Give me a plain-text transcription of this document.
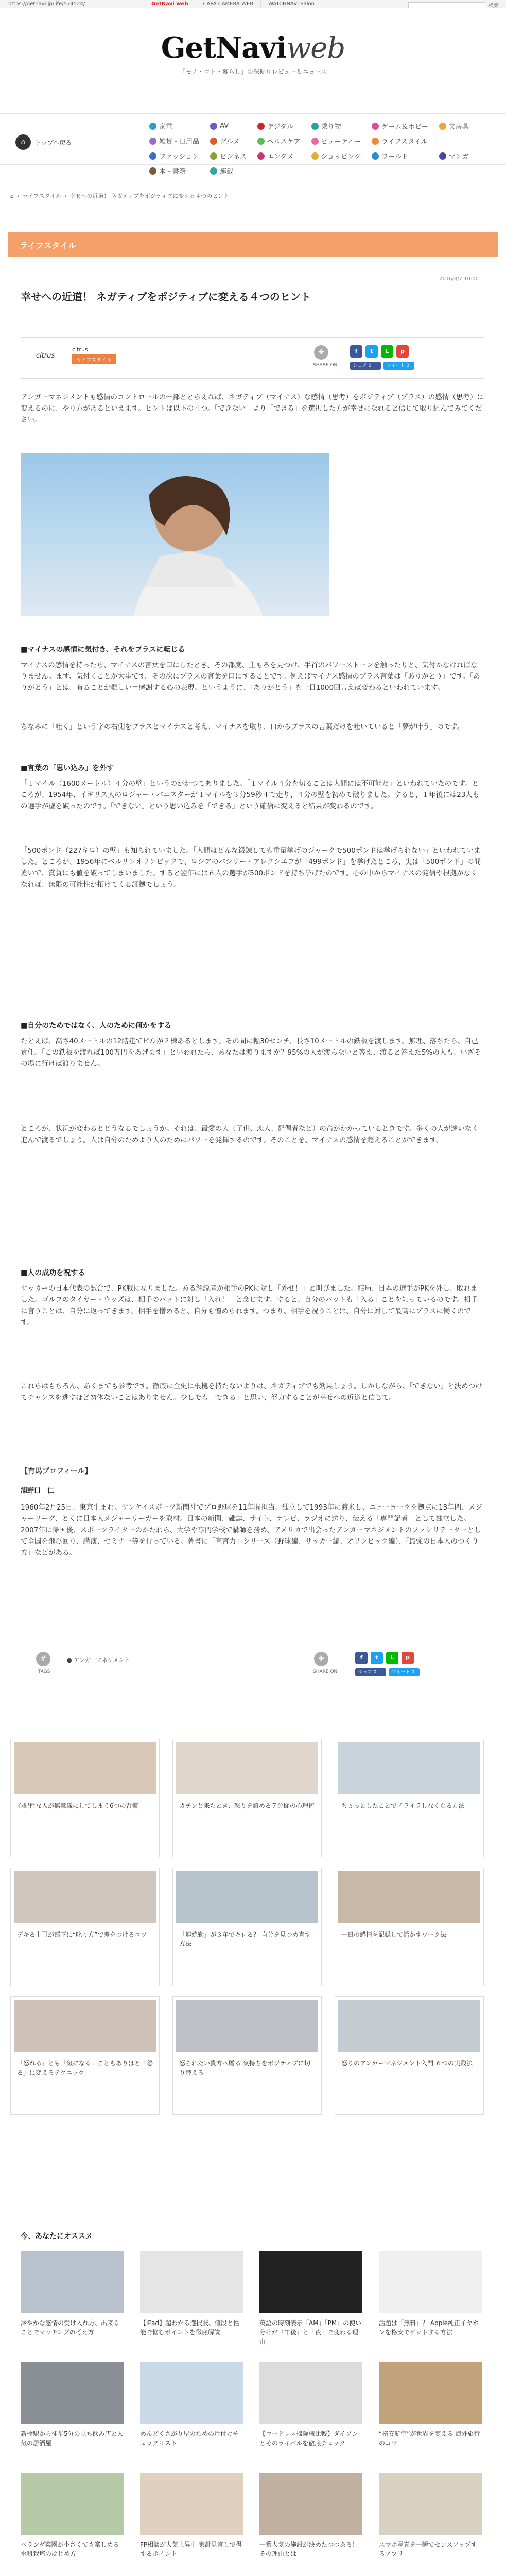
https://getnavi.jp/life/574524/	GetNavi web	CAPA CAMERA WEB	WATCHNAVI Salon	検索
GetNaviweb
「モノ・コト・暮らし」の深掘りレビュー＆ニュース
⌂	トップへ戻る
家電	AV	デジタル	乗り物	ゲーム＆ホビー	文房具
雑貨・日用品	グルメ	ヘルスケア	ビューティー	ライフスタイル
ファッション	ビジネス	エンタメ	ショッピング	ワールド	マンガ
本・書籍	連載
⌂ › ライフスタイル › 幸せへの近道！ ネガティブをポジティブに変える４つのヒント
ライフスタイル
2016/8/7 10:00
幸せへの近道！ ネガティブをポジティブに変える４つのヒント
citrus
citrus
ライフスタイル
✚
SHARE ON
f	t	L	p
シェア 0	ツイート 0
アンガーマネジメントも感情のコントロールの一部ととらえれば、ネガティブ（マイナス）な感情（思考）をポジティブ（プラス）の感情（思考）に変えるのに、やり方があるといえます。ヒントは以下の４つ。「できない」より「できる」を選択した方が幸せになれると信じて取り組んでみてください。
■マイナスの感情に気付き、それをプラスに転じる
マイナスの感情を持ったら、マイナスの言葉を口にしたとき、その都度、主もろを見つけ、手首のパワーストーンを触ったりと、気付かなければなりません。まず、気付くことが大事です。その次にプラスの言葉を口にすることです。例えばマイナス感情のプラス言葉は「ありがとう」です。「ありがとう」とは、有ることが難しい＝感謝する心の表現。というように、「ありがとう」を一日1000回言えば変わるといわれています。
ちなみに「吐く」という字の右側をプラスとマイナスと考え、マイナスを取り、口からプラスの言葉だけを吐いていると「夢が叶う」のです。
■言葉の「思い込み」を外す
「１マイル（1600メートル）４分の壁」というのがかつてありました。「１マイル４分を切ることは人間には不可能だ」といわれていたのです。ところが、1954年、イギリス人のロジャー・バニスターが１マイルを３分59秒４で走り、４分の壁を初めて破りました。すると、１年後には23人もの選手が壁を破ったのです。「できない」という思い込みを「できる」という確信に変えると結果が変わるのです。
「500ポンド（227キロ）の壁」も知られていました。「人間はどんな鍛錬しても重量挙げのジャークで500ポンドは挙げられない」といわれていました。ところが、1956年にベルリンオリンピックで、ロシアのバシリー・アレクシエフが「499ポンド」を挙げたところ、実は「500ポンド」の間違いで、賞賛にも値を破ってしまいました。すると翌年には６人の選手が500ポンドを持ち挙げたのです。心の中からマイナスの発信や根拠がなくなれば、無限の可能性が拓けてくる証拠でしょう。
■自分のためではなく、人のために何かをする
たとえば、高さ40メートルの12階建てビルが２棟あるとします。その間に幅30センチ、長さ10メートルの鉄板を渡します。無理、落ちたら、自己責任。「この鉄板を渡れば100万円をあげます」といわれたら、あなたは渡りますか？95%の人が渡らないと答え、渡ると答えた5%の人も、いざその場に行けば渡りません。
ところが、状況が変わるとどうなるでしょうか。それは、最愛の人（子供、恋人、配偶者など）の命がかかっているときです。多くの人が迷いなく進んで渡るでしょう。人は自分のためより人のためにパワーを発揮するのです。そのことを、マイナスの感情を超えることができます。
■人の成功を祝する
サッカーの日本代表の試合で、PK戦になりました。ある解説者が相手のPKに対し「外せ！」と叫びました。結局、日本の選手がPKを外し、敗れました。ゴルフのタイガー・ウッズは、相手のパットに対し「入れ！」と念じます。すると、自分のパットも「入る」ことを知っているのです。相手に言うことは、自分に返ってきます。相手を憎めると、自分も憎められます。つまり、相手を祝うことは、自分に対して最高にプラスに働くのです。
これらはもちろん、あくまでも参考です。徹底に全史に根拠を持たないよりは、ネガティブでも効果しょう。しかしながら、「できない」と決めつけてチャンスを逃すほど勿体ないことはありません。少しでも「できる」と思い、努力することが幸せへの近道と信じて。
【有馬プロフィール】
浦野口　仁
1960年2月25日、東京生まれ。サンケイスポーツ新聞社でプロ野球を11年間担当。独立して1993年に渡米し、ニューヨークを拠点に13年間、メジャーリーグ、とくに日本人メジャーリーガーを取材。日本の新聞、雑誌、サイト、テレビ、ラジオに送り、伝える「専門記者」として独立した。2007年に帰国後、スポーツライターのかたわら、大学や専門学校で講師を務め、アメリカで出会ったアンガーマネジメントのファシリテーターとして全国を飛び回り、講演、セミナー等を行っている。著書に「宣言力」シリーズ（野球編、サッカー編、オリンピック編）、「最強の日本人のつくり方」などがある。
#
TAGS
● アンガーマネジメント	✚
SHARE ON
f	t	L	p
シェア 0	ツイート 0
心配性な人が無意識にしてしまう6つの習慣	カチンと来たとき、怒りを鎮める７分間の心理術	ちょっとしたことでイライラしなくなる方法
デキる上司が部下に“叱り方”で差をつけるコツ	「連続勤」が３年でキレる？ 自分を見つめ直す方法
一日の感情を記録して活かすワーク法
「怒れる」とも「気になる」こともありはと「怒る」に変えるテクニック
怒られたい貴方へ贈る 気持ちをポジティブに切り替える
怒りのアンガーマネジメント入門 ６つの実践法
今、あなたにオススメ
冷やかな感情の受け入れ方、出来ることでマッチングの考え方
【iPad】超わかる選択肢、値段と性能で悩むポイントを徹底解説
英語の時刻表示「AM」「PM」の使い分けが「午後」と「夜」で変わる理由
話題は「無料」？ Apple純正イヤホンを格安でゲットする方法
新橋駅から徒歩5分の立ち飲み店と人気の居酒屋
めんどくさがり屋のための片付けチェックリスト
【コードレス掃除機比較】ダイソンとそのライバルを徹底チェック
“格安航空”が世界を変える 海外旅行のコツ
ベランダ菜園が小さくても楽しめる 水耕栽培のはじめ方
FP相談が人気上昇中 家計見直しで得するポイント
一番人気の施設が決めたつつある！その理由とは
スマホ写真を一瞬でセンスアップするアプリ
